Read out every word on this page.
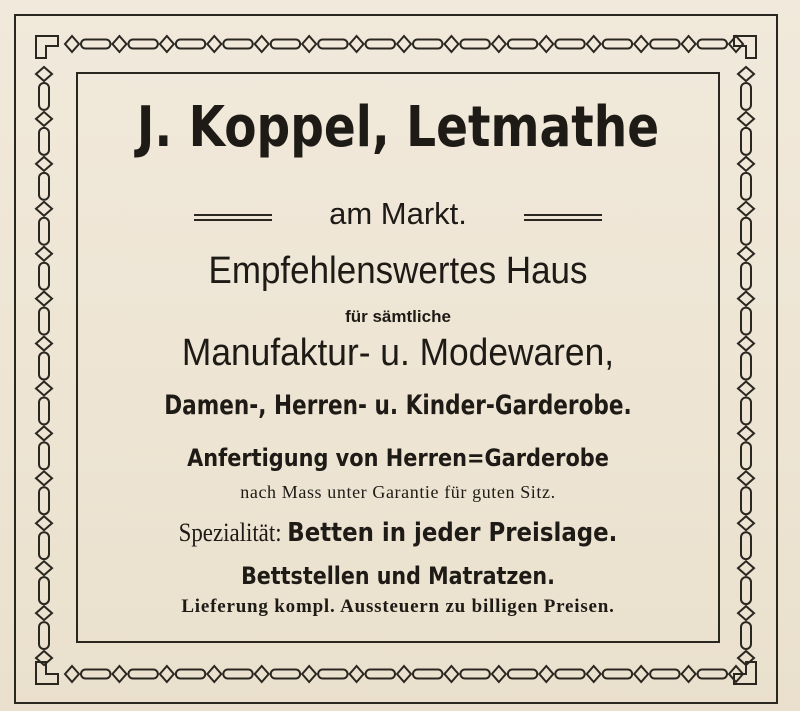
J. Koppel, Letmathe
am Markt.
Empfehlenswertes Haus
für sämtliche
Manufaktur- u. Modewaren,
Damen-, Herren- u. Kinder-Garderobe.
Anfertigung von Herren=Garderobe
nach Mass unter Garantie für guten Sitz.
Spezialität: Betten in jeder Preislage.
Bettstellen und Matratzen.
Lieferung kompl. Aussteuern zu billigen Preisen.
